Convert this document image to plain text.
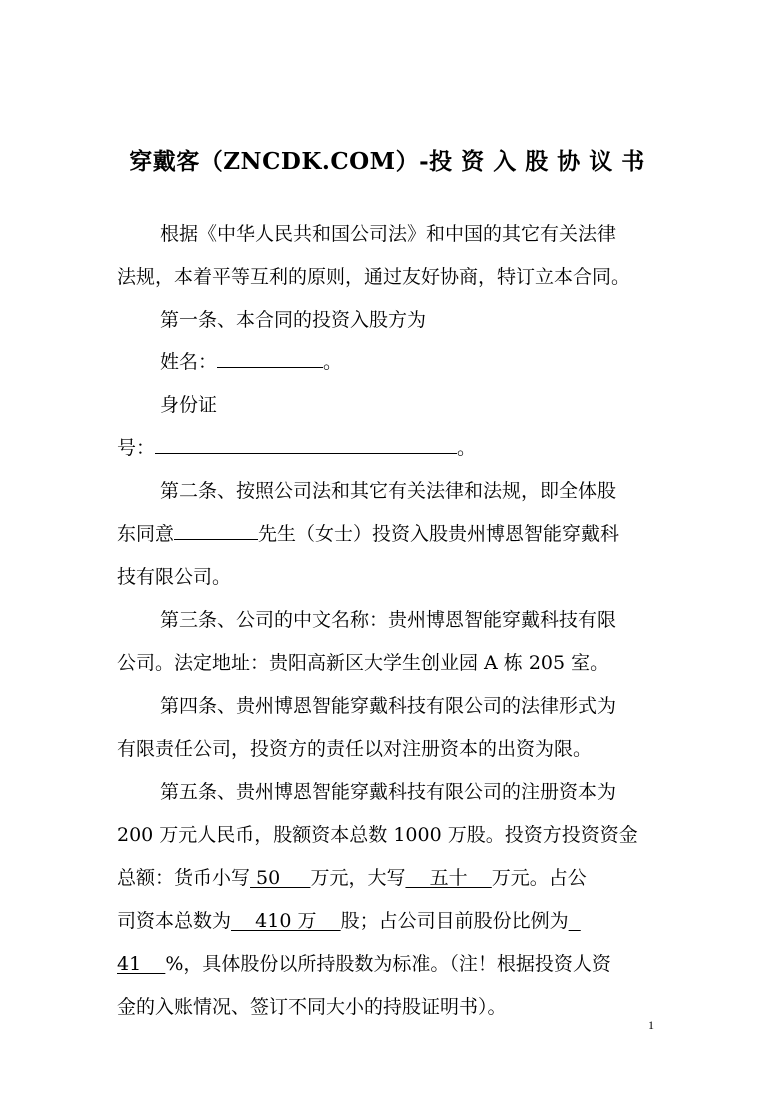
穿戴客（ZNCDK.COM）-投 资 入 股 协 议 书
根据《中华人民共和国公司法》和中国的其它有关法律
法规，本着平等互利的原则，通过友好协商，特订立本合同。
第一条、本合同的投资入股方为
姓名：	。
身份证
号：	。
第二条、按照公司法和其它有关法律和法规，即全体股
东同意	先生（女士）投资入股贵州博恩智能穿戴科
技有限公司。
第三条、公司的中文名称：贵州博恩智能穿戴科技有限
公司。法定地址：贵阳高新区大学生创业园 A 栋 205 室。
第四条、贵州博恩智能穿戴科技有限公司的法律形式为
有限责任公司，投资方的责任以对注册资本的出资为限。
第五条、贵州博恩智能穿戴科技有限公司的注册资本为
200 万元人民币，股额资本总数 1000 万股。投资方投资资金
总额：货币小写 50     万元，大写    五十    万元。占公
司资本总数为    410 万    股；占公司目前股份比例为
41    %，具体股份以所持股数为标准。（注！根据投资人资
金的入账情况、签订不同大小的持股证明书）。
1
